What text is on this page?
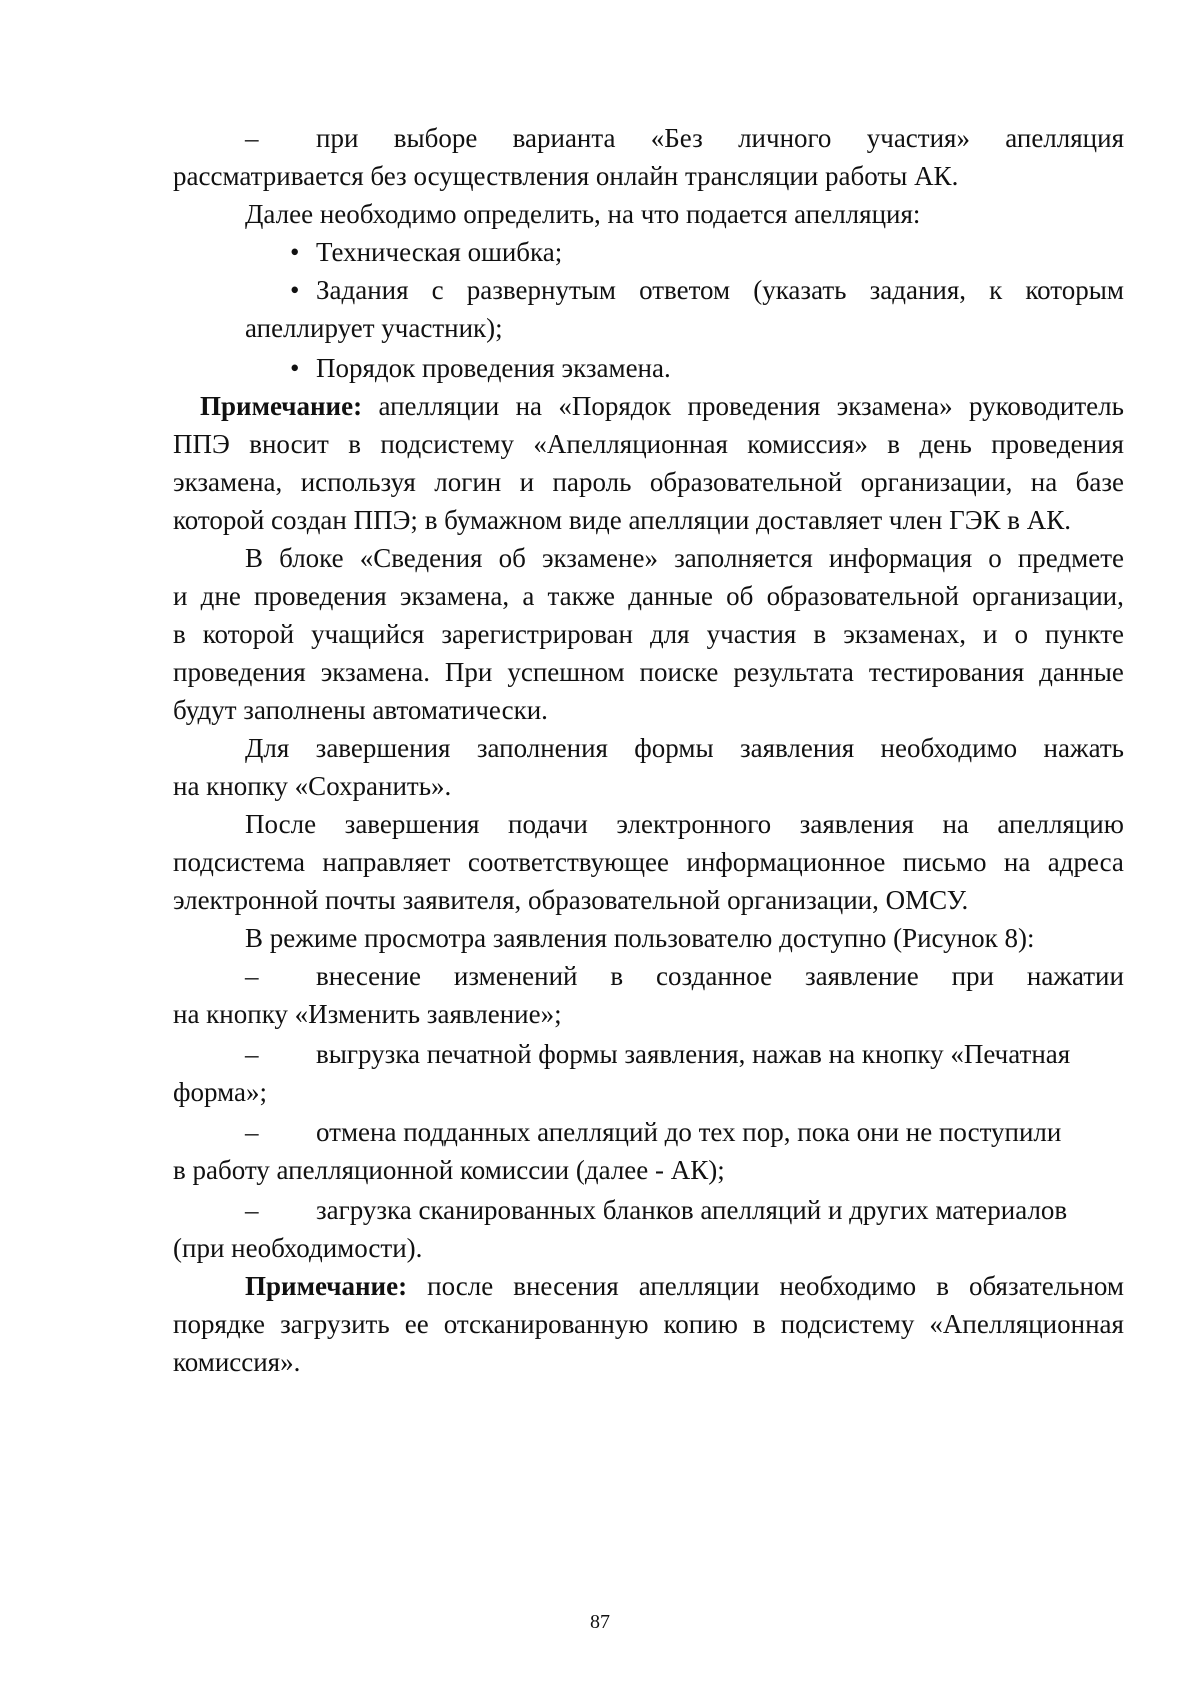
– при выборе варианта «Без личного участия» апелляция
рассматривается без осуществления онлайн трансляции работы АК.
Далее необходимо определить, на что подается апелляция:
• Техническая ошибка;
• Задания с развернутым ответом (указать задания, к которым
апеллирует участник);
• Порядок проведения экзамена.
Примечание: апелляции на «Порядок проведения экзамена» руководитель
ППЭ вносит в подсистему «Апелляционная комиссия» в день проведения
экзамена, используя логин и пароль образовательной организации, на базе
которой создан ППЭ; в бумажном виде апелляции доставляет член ГЭК в АК.
В блоке «Сведения об экзамене» заполняется информация о предмете
и дне проведения экзамена, а также данные об образовательной организации,
в которой учащийся зарегистрирован для участия в экзаменах, и о пункте
проведения экзамена. При успешном поиске результата тестирования данные
будут заполнены автоматически.
Для завершения заполнения формы заявления необходимо нажать
на кнопку «Сохранить».
После завершения подачи электронного заявления на апелляцию
подсистема направляет соответствующее информационное письмо на адреса
электронной почты заявителя, образовательной организации, ОМСУ.
В режиме просмотра заявления пользователю доступно (Рисунок 8):
– внесение изменений в созданное заявление при нажатии
на кнопку «Изменить заявление»;
– выгрузка печатной формы заявления, нажав на кнопку «Печатная
форма»;
– отмена подданных апелляций до тех пор, пока они не поступили
в работу апелляционной комиссии (далее - АК);
– загрузка сканированных бланков апелляций и других материалов
(при необходимости).
Примечание: после внесения апелляции необходимо в обязательном
порядке загрузить ее отсканированную копию в подсистему «Апелляционная
комиссия».
87
